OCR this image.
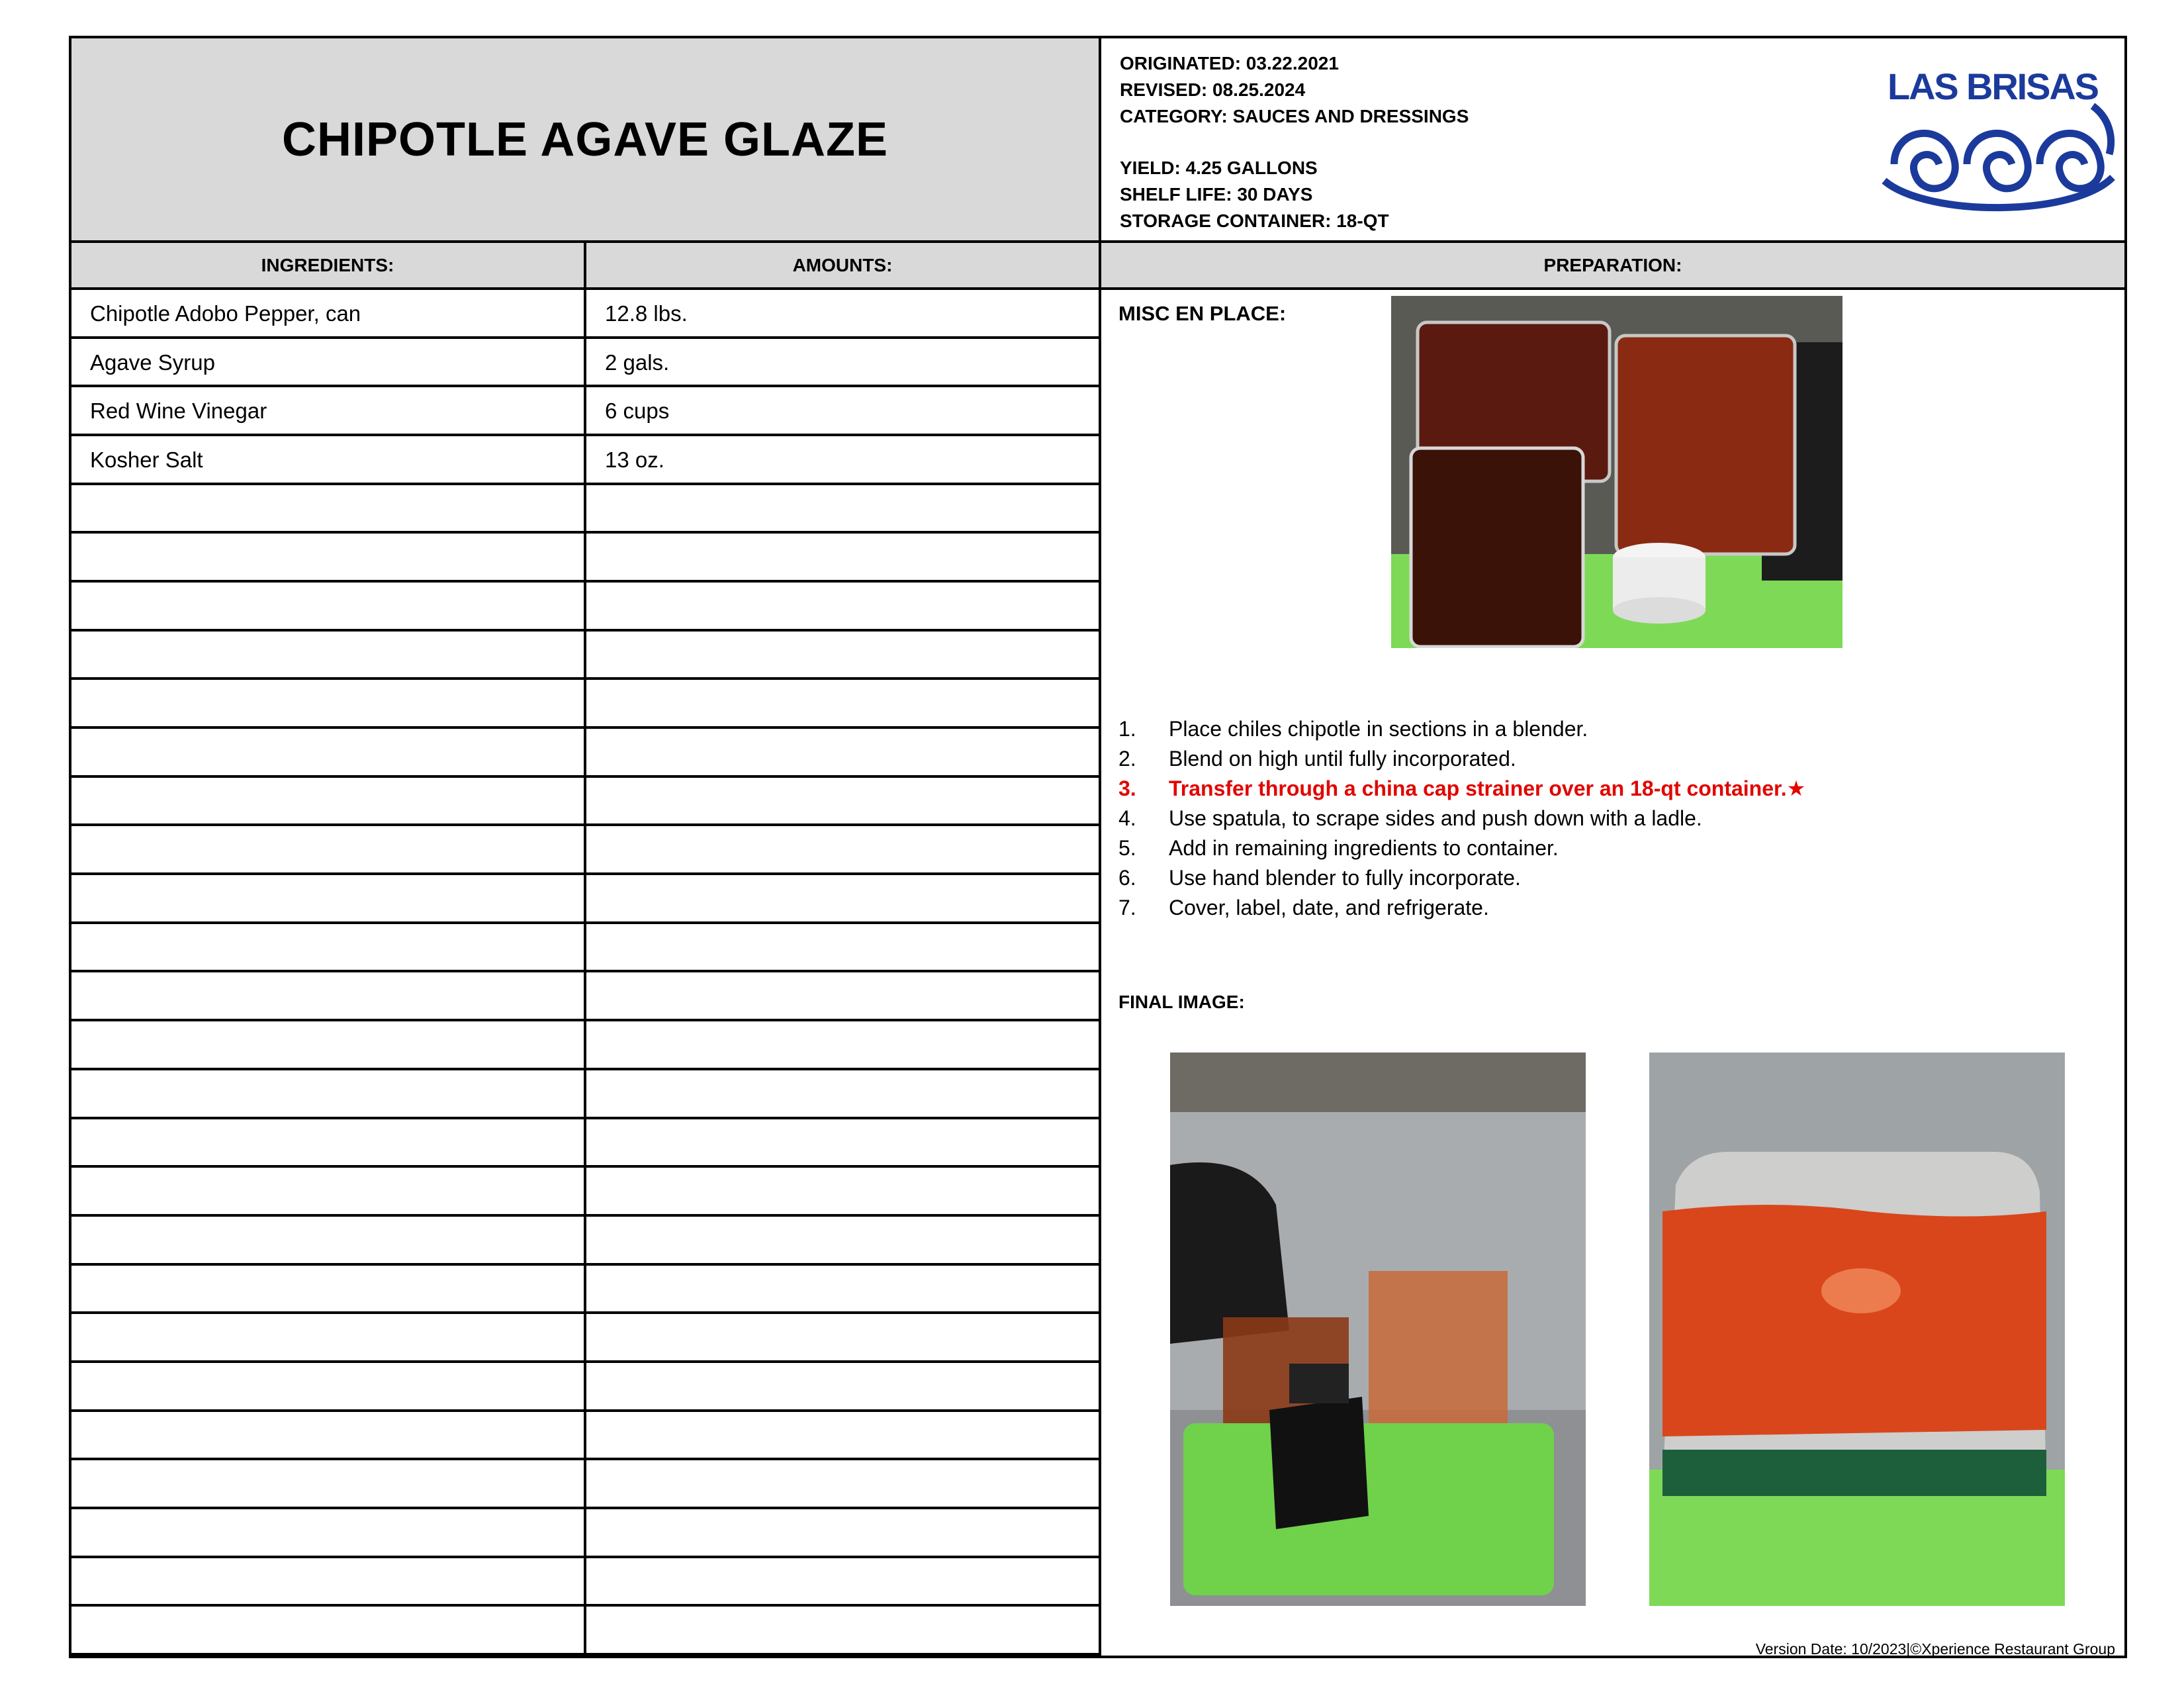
CHIPOTLE AGAVE GLAZE
ORIGINATED: 03.22.2021
REVISED: 08.25.2024
CATEGORY: SAUCES AND DRESSINGS
YIELD: 4.25 GALLONS
SHELF LIFE: 30 DAYS
STORAGE CONTAINER: 18-QT
LAS BRISAS
INGREDIENTS:	AMOUNTS:	PREPARATION:
Chipotle Adobo Pepper, can	12.8 lbs.
Agave Syrup	2 gals.
Red Wine Vinegar	6 cups
Kosher Salt	13 oz.
MISC EN PLACE:
1.	Place chiles chipotle in sections in a blender.
2.	Blend on high until fully incorporated.
3.	Transfer through a china cap strainer over an 18-qt container.★
4.	Use spatula, to scrape sides and push down with a ladle.
5.	Add in remaining ingredients to container.
6.	Use hand blender to fully incorporate.
7.	Cover, label, date, and refrigerate.
FINAL IMAGE:
Version Date: 10/2023|©Xperience Restaurant Group
